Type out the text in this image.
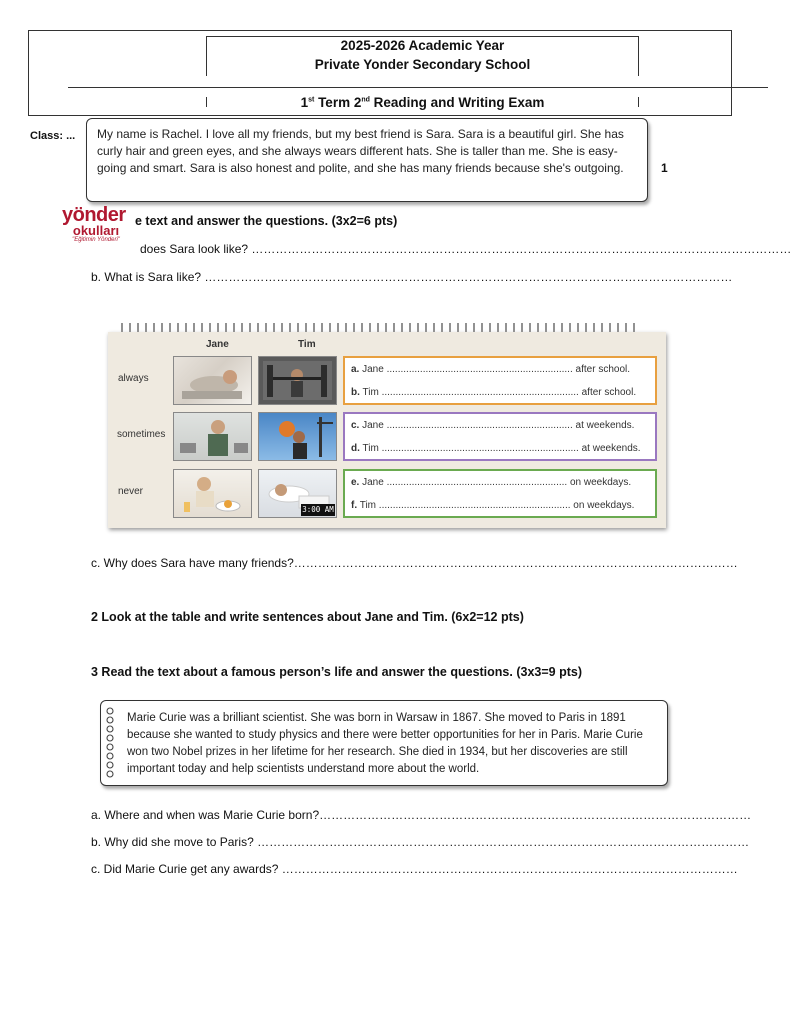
2025-2026 Academic Year
Private Yonder Secondary School
1st Term 2nd Reading and Writing Exam
Class: ... My name is Rachel. I love all my friends, but my best friend is Sara. Sara is a beautiful girl. She has curly hair and green eyes, and she always wears different hats. She is taller than me. She is easy-going and smart. Sara is also honest and polite, and she has many friends because she's outgoing.	1
yönder
okulları
"Eğitimin Yönderi"
e text and answer the questions. (3x2=6 pts)
does Sara look like? ………………………………………………………………………………………………………………………
b. What is Sara like? ……………………………………………………………………………………………………………………
Jane	Tim
always
sometimes
never
3:00 AM
a. Jane ................................................................... after school.
b. Tim ....................................................................... after school.
c. Jane ................................................................... at weekends.
d. Tim ....................................................................... at weekends.
e. Jane ................................................................. on weekdays.
f. Tim ..................................................................... on weekdays.
c. Why does Sara have many friends?…………………………………………………………………………………………………
2 Look at the table and write sentences about Jane and Tim. (6x2=12 pts)
3 Read the text about a famous person’s life and answer the questions. (3x3=9 pts)
Marie Curie was a brilliant scientist. She was born in Warsaw in 1867. She moved to Paris in 1891 because she wanted to study physics and there were better opportunities for her in Paris. Marie Curie won two Nobel prizes in her lifetime for her research. She died in 1934, but her discoveries are still important today and help scientists understand more about the world.
a. Where and when was Marie Curie born?………………………………………………………………………………………………
b. Why did she move to Paris? ……………………………………………………………………………………………………………
c. Did Marie Curie get any awards? ……………………………………………………………………………………………………
